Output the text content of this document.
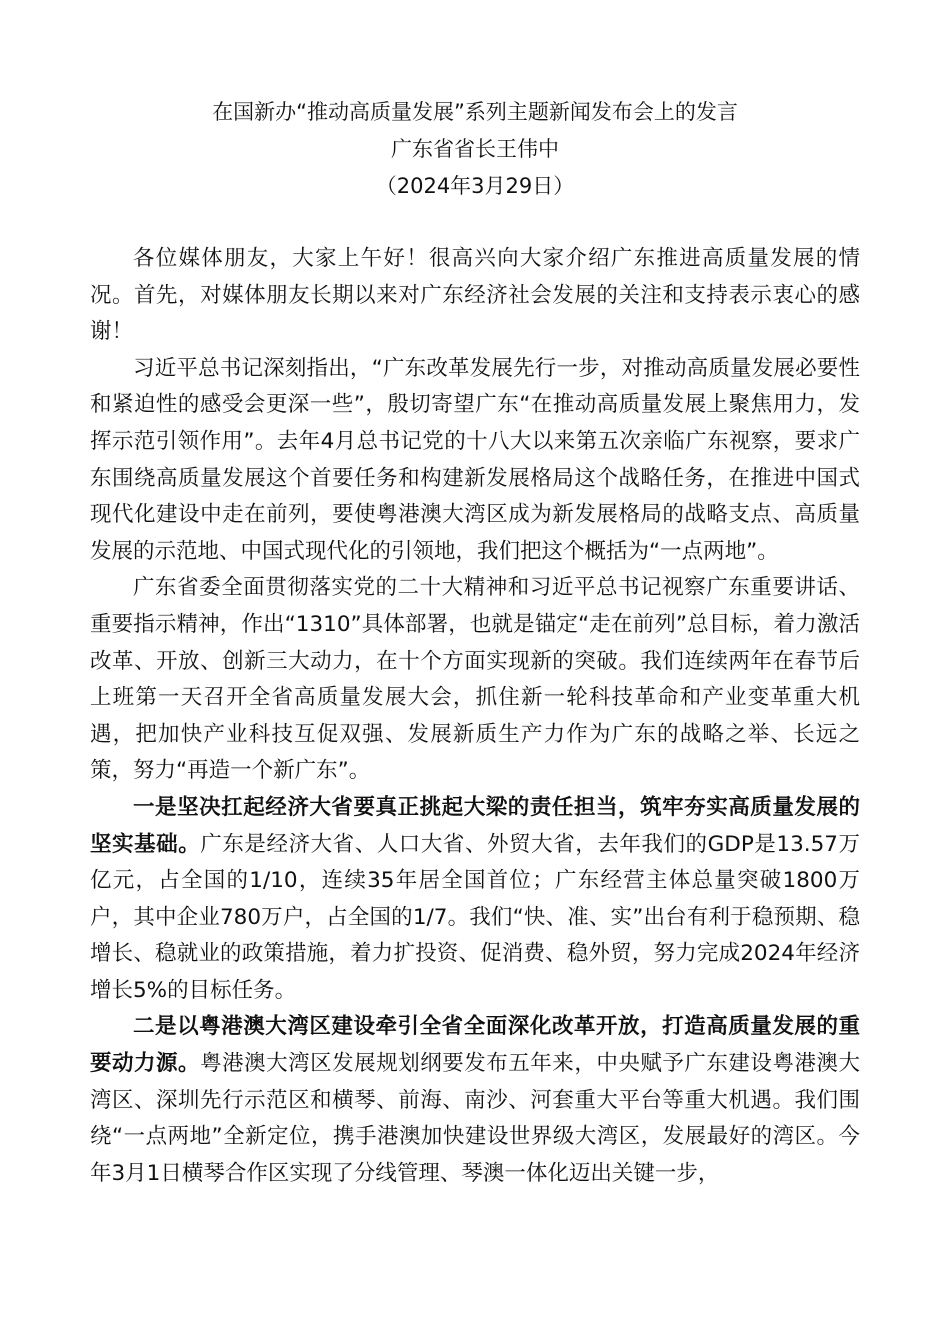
在国新办“推动高质量发展”系列主题新闻发布会上的发言
广东省省长王伟中
（2024年3月29日）

各位媒体朋友，大家上午好！很高兴向大家介绍广东推进高质量发展的情况。首先，对媒体朋友长期以来对广东经济社会发展的关注和支持表示衷心的感谢！

习近平总书记深刻指出，“广东改革发展先行一步，对推动高质量发展必要性和紧迫性的感受会更深一些”，殷切寄望广东“在推动高质量发展上聚焦用力，发挥示范引领作用”。去年4月总书记党的十八大以来第五次亲临广东视察，要求广东围绕高质量发展这个首要任务和构建新发展格局这个战略任务，在推进中国式现代化建设中走在前列，要使粤港澳大湾区成为新发展格局的战略支点、高质量发展的示范地、中国式现代化的引领地，我们把这个概括为“一点两地”。

广东省委全面贯彻落实党的二十大精神和习近平总书记视察广东重要讲话、重要指示精神，作出“1310”具体部署，也就是锚定“走在前列”总目标，着力激活改革、开放、创新三大动力，在十个方面实现新的突破。我们连续两年在春节后上班第一天召开全省高质量发展大会，抓住新一轮科技革命和产业变革重大机遇，把加快产业科技互促双强、发展新质生产力作为广东的战略之举、长远之策，努力“再造一个新广东”。

一是坚决扛起经济大省要真正挑起大梁的责任担当，筑牢夯实高质量发展的坚实基础。广东是经济大省、人口大省、外贸大省，去年我们的GDP是13.57万亿元，占全国的1/10，连续35年居全国首位；广东经营主体总量突破1800万户，其中企业780万户，占全国的1/7。我们“快、准、实”出台有利于稳预期、稳增长、稳就业的政策措施，着力扩投资、促消费、稳外贸，努力完成2024年经济增长5%的目标任务。

二是以粤港澳大湾区建设牵引全省全面深化改革开放，打造高质量发展的重要动力源。粤港澳大湾区发展规划纲要发布五年来，中央赋予广东建设粤港澳大湾区、深圳先行示范区和横琴、前海、南沙、河套重大平台等重大机遇。我们围绕“一点两地”全新定位，携手港澳加快建设世界级大湾区，发展最好的湾区。今年3月1日横琴合作区实现了分线管理、琴澳一体化迈出关键一步，
